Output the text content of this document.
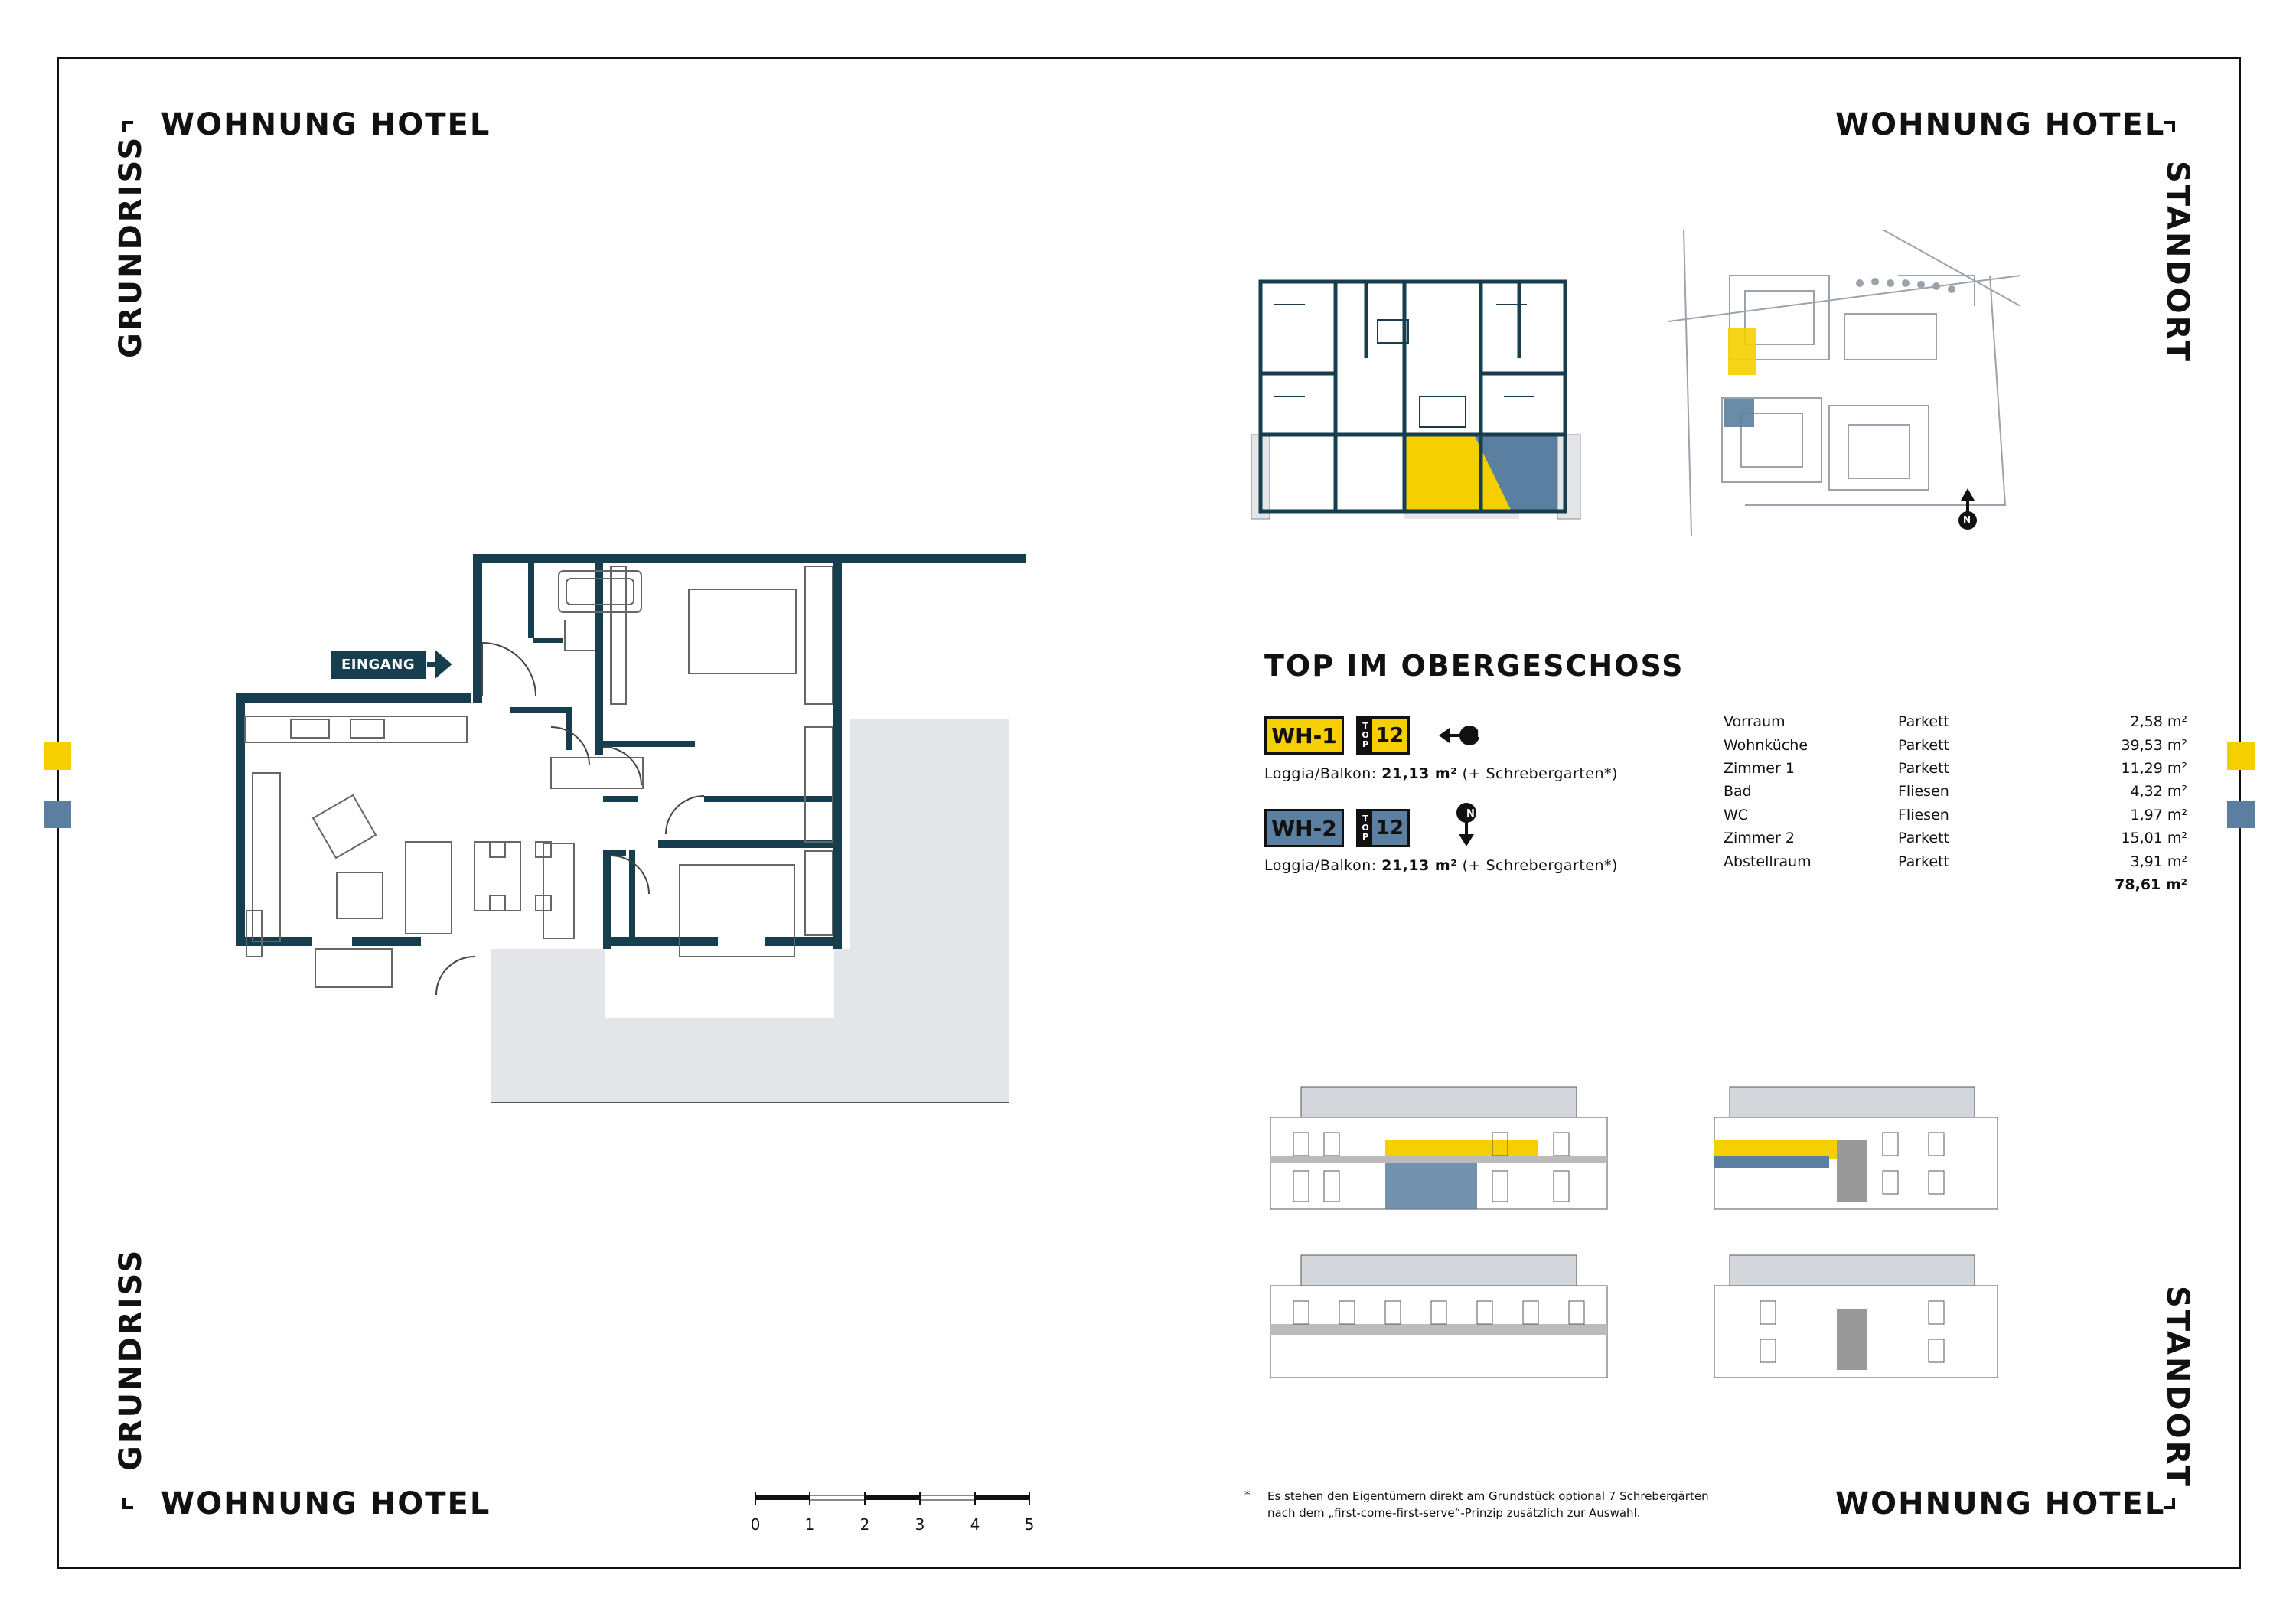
WOHNUNG HOTEL	WOHNUNG HOTEL
WOHNUNG HOTEL	WOHNUNG HOTEL
GRUNDRISS
GRUNDRISS
STANDORT
STANDORT
EINGANG
N
TOP IM OBERGESCHOSS
WH-1	T
O
P 12	N
Loggia/Balkon: 21,13 m² (+ Schrebergarten*)
WH-2	T
O
P 12
N
Loggia/Balkon: 21,13 m² (+ Schrebergarten*)
Vorraum	Parkett	2,58 m²
Wohnküche	Parkett	39,53 m²
Zimmer 1	Parkett	11,29 m²
Bad	Fliesen	4,32 m²
WC	Fliesen	1,97 m²
Zimmer 2	Parkett	15,01 m²
Abstellraum	Parkett	3,91 m²
78,61 m²
0	1	2	3	4	5
*	Es stehen den Eigentümern direkt am Grundstück optional 7 Schrebergärten
nach dem „first-come-first-serve“-Prinzip zusätzlich zur Auswahl.
